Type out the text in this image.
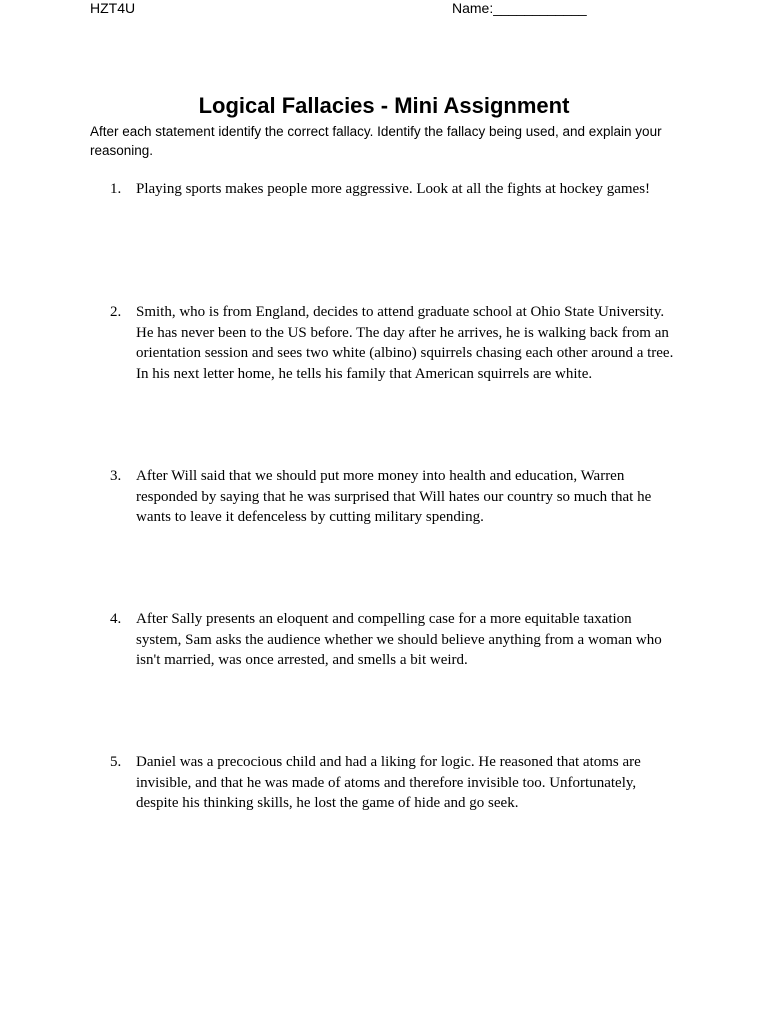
HZT4U	Name:____________
Logical Fallacies - Mini Assignment
After each statement identify the correct fallacy. Identify the fallacy being used, and explain your reasoning.
1. Playing sports makes people more aggressive. Look at all the fights at hockey games!
2. Smith, who is from England, decides to attend graduate school at Ohio State University. He has never been to the US before. The day after he arrives, he is walking back from an orientation session and sees two white (albino) squirrels chasing each other around a tree. In his next letter home, he tells his family that American squirrels are white.
3. After Will said that we should put more money into health and education, Warren responded by saying that he was surprised that Will hates our country so much that he wants to leave it defenceless by cutting military spending.
4. After Sally presents an eloquent and compelling case for a more equitable taxation system, Sam asks the audience whether we should believe anything from a woman who isn't married, was once arrested, and smells a bit weird.
5. Daniel was a precocious child and had a liking for logic. He reasoned that atoms are invisible, and that he was made of atoms and therefore invisible too. Unfortunately, despite his thinking skills, he lost the game of hide and go seek.
